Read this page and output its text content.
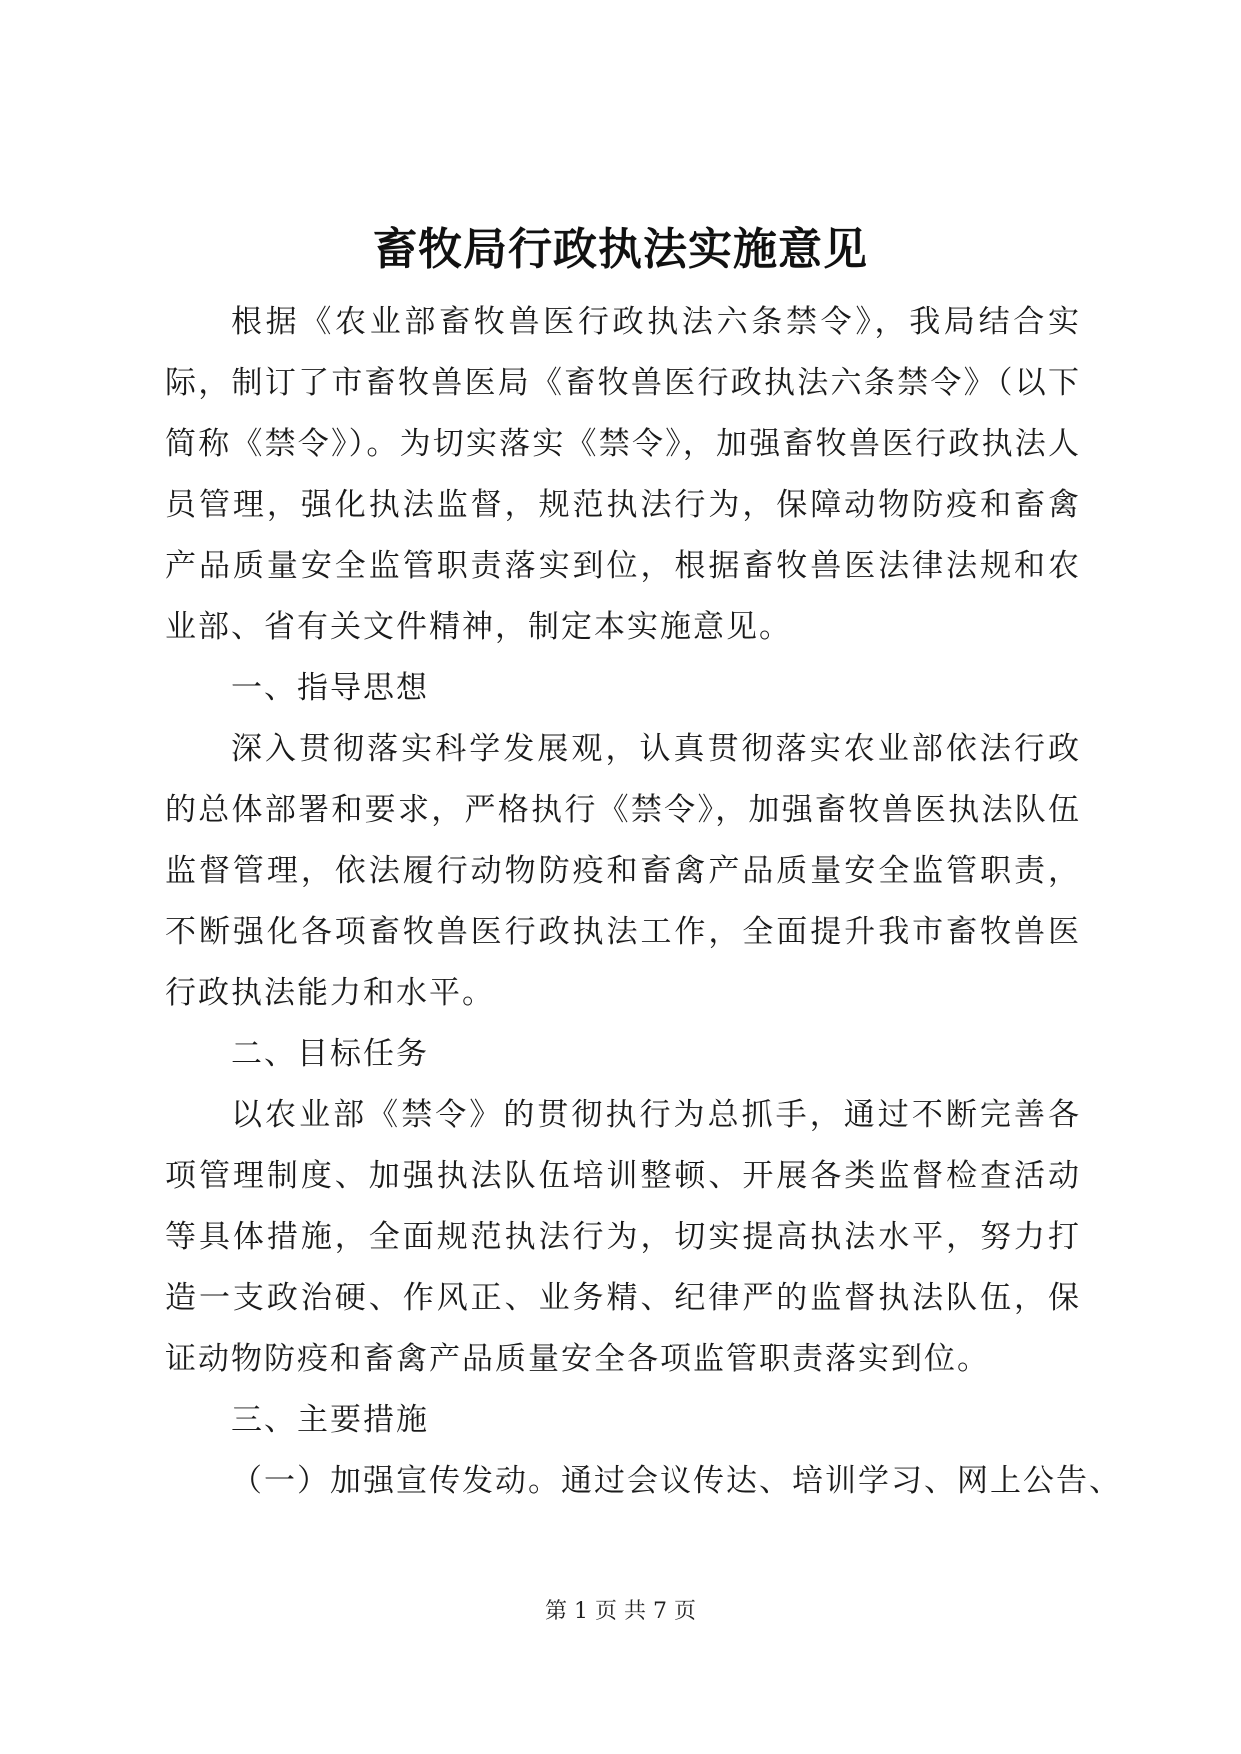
畜牧局行政执法实施意见

根据《农业部畜牧兽医行政执法六条禁令》，我局结合实际，制订了市畜牧兽医局《畜牧兽医行政执法六条禁令》（以下简称《禁令》）。为切实落实《禁令》，加强畜牧兽医行政执法人员管理，强化执法监督，规范执法行为，保障动物防疫和畜禽产品质量安全监管职责落实到位，根据畜牧兽医法律法规和农业部、省有关文件精神，制定本实施意见。

一、指导思想

深入贯彻落实科学发展观，认真贯彻落实农业部依法行政的总体部署和要求，严格执行《禁令》，加强畜牧兽医执法队伍监督管理，依法履行动物防疫和畜禽产品质量安全监管职责，不断强化各项畜牧兽医行政执法工作，全面提升我市畜牧兽医行政执法能力和水平。

二、目标任务

以农业部《禁令》的贯彻执行为总抓手，通过不断完善各项管理制度、加强执法队伍培训整顿、开展各类监督检查活动等具体措施，全面规范执法行为，切实提高执法水平，努力打造一支政治硬、作风正、业务精、纪律严的监督执法队伍，保证动物防疫和畜禽产品质量安全各项监管职责落实到位。

三、主要措施

（一）加强宣传发动。通过会议传达、培训学习、网上公告、

第 1 页 共 7 页
